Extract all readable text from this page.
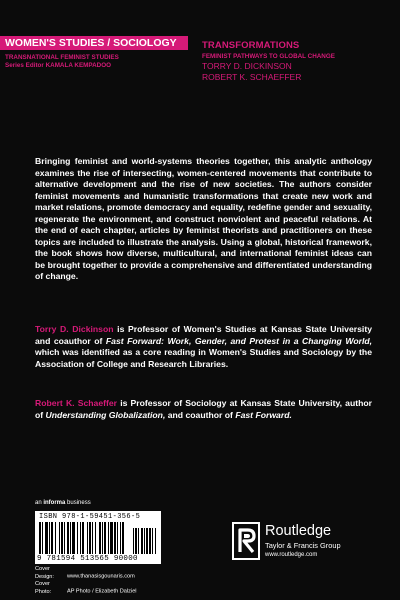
WOMEN'S STUDIES / SOCIOLOGY
TRANSNATIONAL FEMINIST STUDIES
Series Editor KAMALA KEMPADOO
TRANSFORMATIONS
FEMINIST PATHWAYS TO GLOBAL CHANGE
TORRY D. DICKINSON
ROBERT K. SCHAEFFER

Bringing feminist and world-systems theories together, this analytic anthology examines the rise of intersecting, women-centered movements that contribute to alternative development and the rise of new societies. The authors consider feminist movements and humanistic transformations that create new work and market relations, promote democracy and equality, redefine gender and sexuality, regenerate the environment, and construct nonviolent and peaceful relations. At the end of each chapter, articles by feminist theorists and practitioners on these topics are included to illustrate the analysis. Using a global, historical framework, the book shows how diverse, multicultural, and international feminist ideas can be brought together to provide a comprehensive and differentiated understanding of change.

Torry D. Dickinson is Professor of Women's Studies at Kansas State University and coauthor of Fast Forward: Work, Gender, and Protest in a Changing World, which was identified as a core reading in Women's Studies and Sociology by the Association of College and Research Libraries.

Robert K. Schaeffer is Professor of Sociology at Kansas State University, author of Understanding Globalization, and coauthor of Fast Forward.

an informa business
ISBN 978-1-59451-356-5
9 781594 513565 90000
Cover Design: www.thanasisgounaris.com
Cover Photo:	AP Photo / Elizabeth Dalziel
Routledge
Taylor & Francis Group
www.routledge.com
